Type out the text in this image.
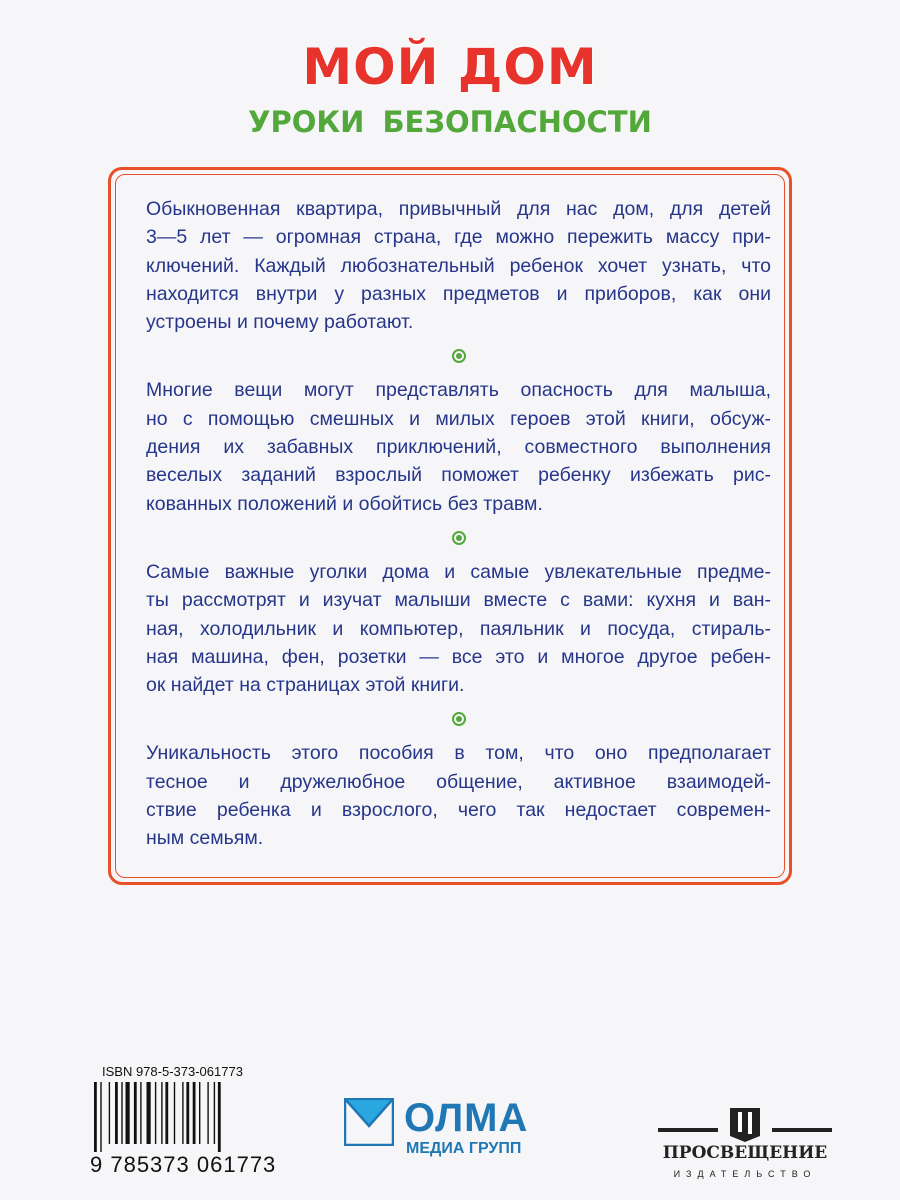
МОЙ ДОМ
УРОКИ БЕЗОПАСНОСТИ
Обыкновенная квартира, привычный для нас дом, для детей
3—5 лет — огромная страна, где можно пережить массу при-
ключений. Каждый любознательный ребенок хочет узнать, что
находится внутри у разных предметов и приборов, как они
устроены и почему работают.
Многие вещи могут представлять опасность для малыша,
но с помощью смешных и милых героев этой книги, обсуж-
дения их забавных приключений, совместного выполнения
веселых заданий взрослый поможет ребенку избежать рис-
кованных положений и обойтись без травм.
Самые важные уголки дома и самые увлекательные предме-
ты рассмотрят и изучат малыши вместе с вами: кухня и ван-
ная, холодильник и компьютер, паяльник и посуда, стираль-
ная машина, фен, розетки — все это и многое другое ребен-
ок найдет на страницах этой книги.
Уникальность этого пособия в том, что оно предполагает
тесное и дружелюбное общение, активное взаимодей-
ствие ребенка и взрослого, чего так недостает современ-
ным семьям.
ISBN 978-5-373-061773
9 785373 061773
ОЛМА
МЕДИА ГРУПП	ПРОСВЕЩЕНИЕ
ИЗДАТЕЛЬСТВО
